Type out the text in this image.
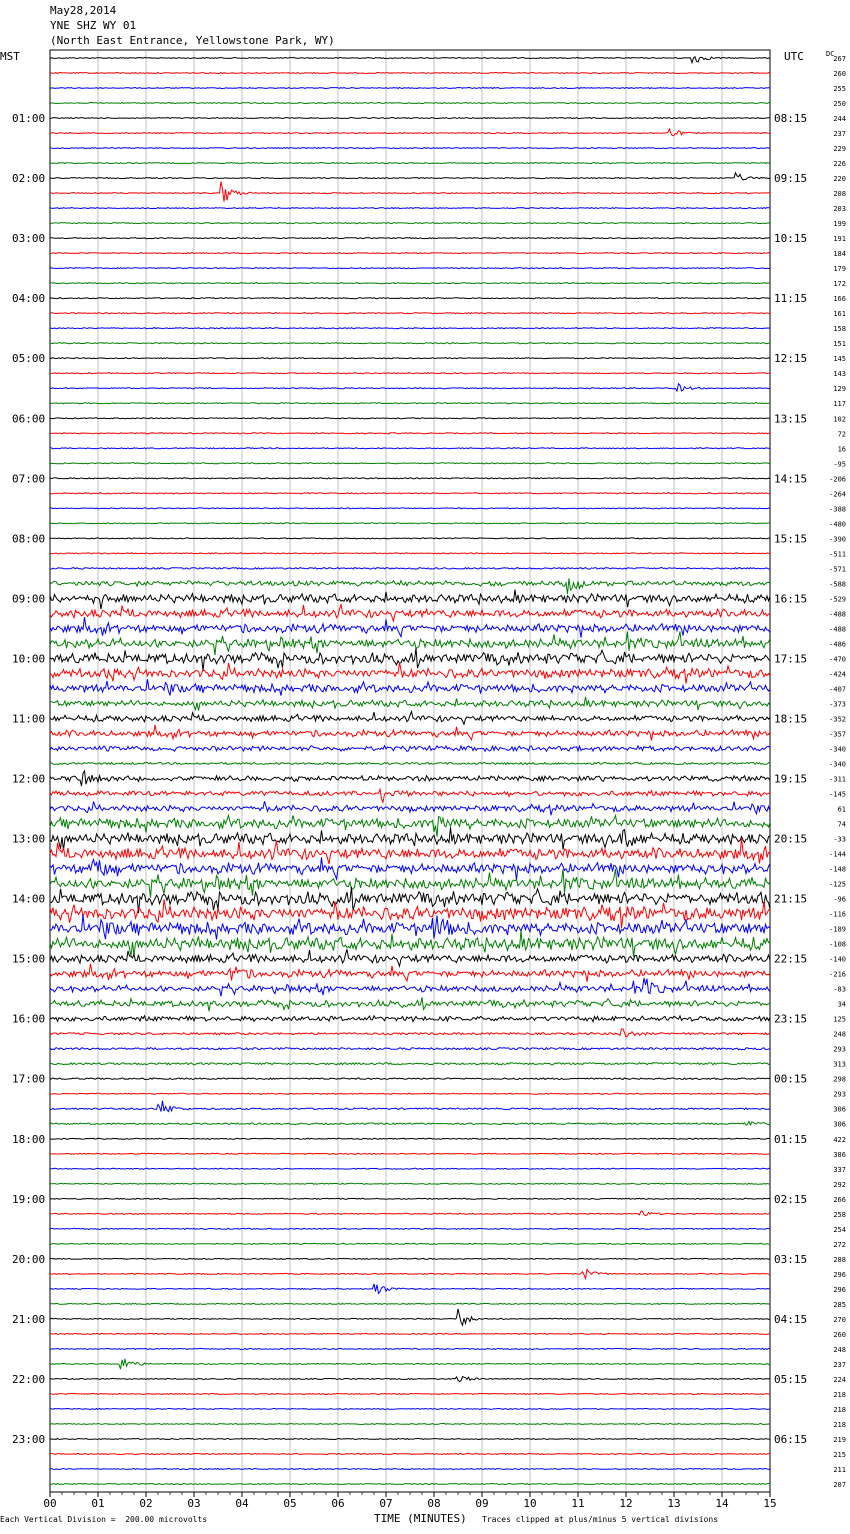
May28,2014
YNE SHZ WY 01
(North East Entrance, Yellowstone Park, WY)
MST	UTC	DC
00	01	02	03	04	05	06	07	08	09	10	11	12	13	14	15
267
260
255
250
244
237
229
226
220
208
203
199
191
184
179
172
166
161
158
151
145
143
129
117
102
72
16
-95
-206
-264
-388
-480
-390
-511
-571
-588
-529
-488
-488
-486
-470
-424
-407
-373
-352
-357
-340
-340
-311
-145
61
74
-33
-144
-148
-125
-96
-116
-189
-108
-140
-216
-83
34
125
248
293
313
298
293
306
306
422
386
337
292
266
258
254
272
288
296
296
285
270
260
248
237
224
218
218
218
219
215
211
207
01:00
02:00
03:00
04:00
05:00
06:00
07:00
08:00
09:00
10:00
11:00
12:00
13:00
14:00
15:00
16:00
17:00
18:00
19:00
20:00
21:00
22:00
23:00
08:15
09:15
10:15
11:15
12:15
13:15
14:15
15:15
16:15
17:15
18:15
19:15
20:15
21:15
22:15
23:15
00:15
01:15
02:15
03:15
04:15
05:15
06:15
Each Vertical Division =  200.00 microvolts	TIME (MINUTES) Traces clipped at plus/minus 5 vertical divisions
